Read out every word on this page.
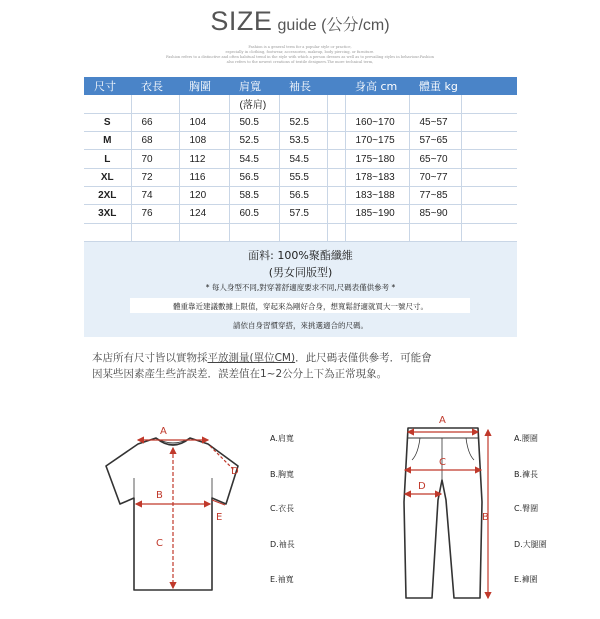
SIZE guide (公分/cm)
Fashion is a general term for a popular style or practice,
especially in clothing, footwear, accessories, makeup, body piercing, or furniture.
Fashion refers to a distinctive and often habitual trend in the style with which a person dresses as well as to prevailing styles in behaviour.Fashion
also refers to the newest creations of textile designers.The more technical term,
尺寸	衣長	胸圍	肩寬	袖長		身高 cm	體重 kg	
			(落肩)					
S	66	104	50.5	52.5		160~170	45~57	
M	68	108	52.5	53.5		170~175	57~65	
L	70	112	54.5	54.5		175~180	65~70	
XL	72	116	56.5	55.5		178~183	70~77	
2XL	74	120	58.5	56.5		183~188	77~85	
3XL	76	124	60.5	57.5		185~190	85~90	

面料: 100%聚酯纖維
(男女同版型)
* 每人身型不同,對穿著舒適度要求不同,尺碼表僅供參考 *
體重靠近建議數據上限值，穿起來為剛好合身，想寬鬆舒適就買大一號尺寸。
請依自身習慣穿搭，來挑選適合的尺碼。
本店所有尺寸皆以實物採平放測量(單位CM)．此尺碼表僅供參考．可能會
因某些因素產生些許誤差．誤差值在1~2公分上下為正常現象。
A
B
C
D
E
A.肩寬
B.胸寬
C.衣長
D.袖長
E.袖寬
A
C
D
B
A.腰圍
B.褲長
C.臀圍
D.大腿圍
E.褲圍
